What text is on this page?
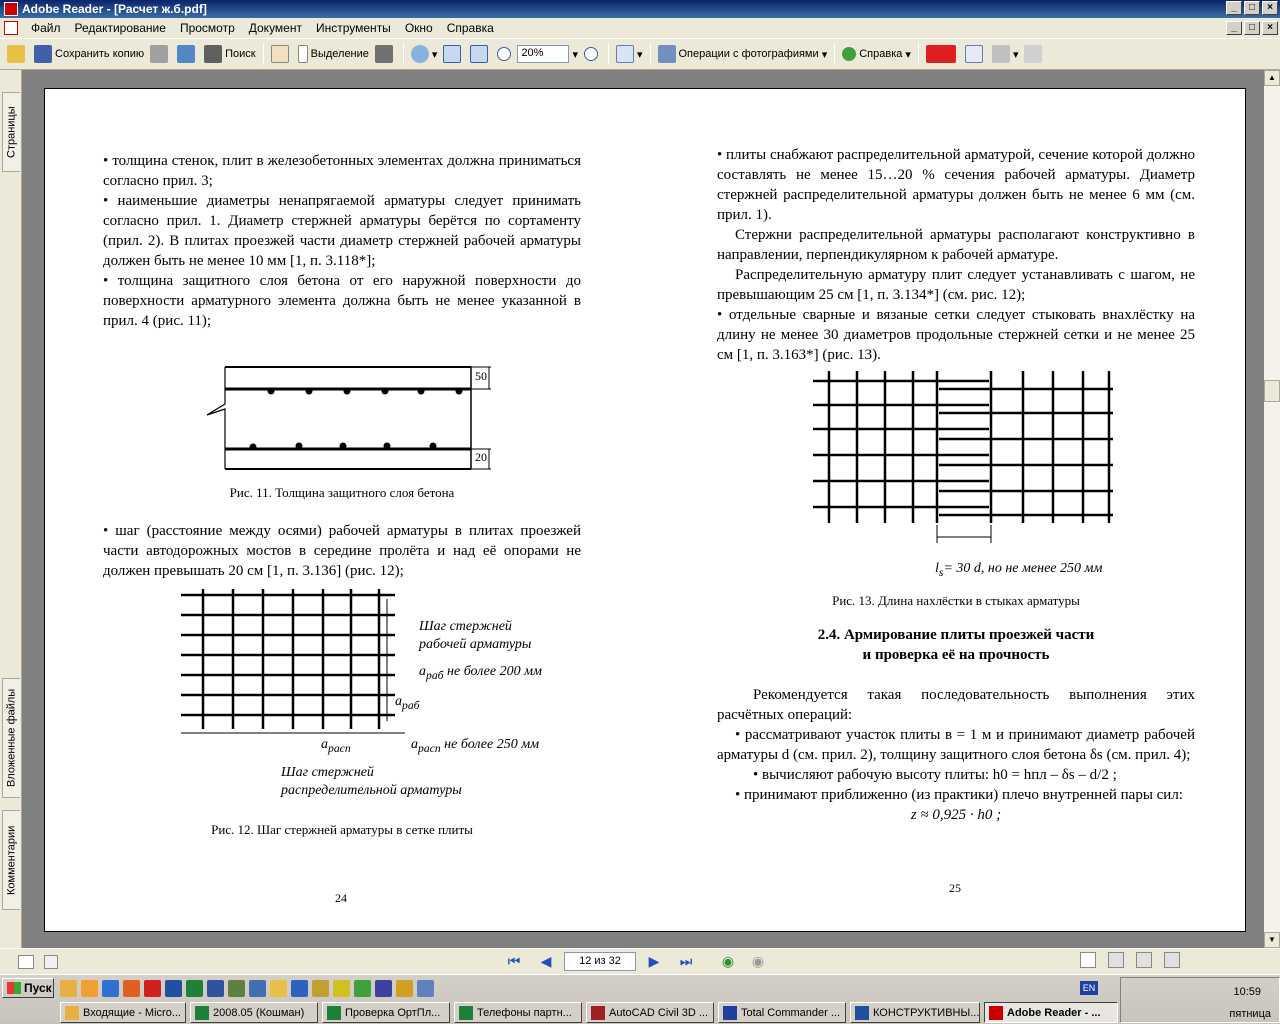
Adobe Reader - [Расчет ж.б.pdf]	_	□	×
Файл	Редактирование	Просмотр	Документ	Инструменты	Окно	Справка	_	□	×
Сохранить копию	Поиск	Выделение	▾	20%	▾	▾	Операции с фотографиями ▾	Справка ▾	▾
Страницы
Вложенные файлы
Комментарии

• толщина стенок, плит в железобетонных элементах должна приниматься согласно прил. 3;

• наименьшие диаметры ненапрягаемой арматуры следует принимать согласно прил. 1. Диаметр стержней арматуры берётся по сортаменту (прил. 2). В плитах проезжей части диаметр стержней рабочей арматуры должен быть не менее 10 мм [1, п. 3.118*];

• толщина защитного слоя бетона от его наружной поверхности до поверхности арматурного элемента должна быть не менее указанной в прил. 4 (рис. 11);

50
20
Рис. 11. Толщина защитного слоя бетона

• шаг (расстояние между осями) рабочей арматуры в плитах проезжей части автодорожных мостов в середине пролёта и над её опорами не должен превышать 20 см [1, п. 3.136] (рис. 12);

Шаг стержней
рабочей арматуры
$a_{раб}$ не более 200 мм
$a_{раб}$
$a_{расп}$	$a_{расп}$ не более 250 мм
Шаг стержней
распределительной арматуры
Рис. 12. Шаг стержней арматуры в сетке плиты
24

• плиты снабжают распределительной арматурой, сечение которой должно составлять не менее 15…20 % сечения рабочей арматуры. Диаметр стержней распределительной арматуры должен быть не менее 6 мм (см. прил. 1).

Стержни распределительной арматуры располагают конструктивно в направлении, перпендикулярном к рабочей арматуре.

Распределительную арматуру плит следует устанавливать с шагом, не превышающим 25 см [1, п. 3.134*] (см. рис. 12);

• отдельные сварные и вязаные сетки следует стыковать внахлёстку на длину не менее 30 диаметров продольные стержней сетки и не менее 25 см [1, п. 3.163*] (рис. 13).

$l_s= 30$ d, но не менее 250 мм
Рис. 13. Длина нахлёстки в стыках арматуры
2.4. Армирование плиты проезжей части
и проверка её на прочность

Рекомендуется такая последовательность выполнения этих расчётных операций:

• рассматривают участок плиты в = 1 м и принимают диаметр рабочей арматуры d (см. прил. 2), толщину защитного слоя бетона δs (см. прил. 4);

• вычисляют рабочую высоту плиты: h0 = hпл – δs – d/2 ;

• принимают приближенно (из практики) плечо внутренней пары сил:

z ≈ 0,925 · h0 ;

25
▲
▼
⏮	◀	12 из 32	▶	⏭ ◉ ◉
Пуск	EN	10:59
пятница
Входящие - Micro...	2008.05 (Кошман)	Проверка ОртПл...	Телефоны партн...	AutoCAD Civil 3D ...	Total Commander ...	КОНСТРУКТИВНЫ...	Adobe Reader - ...
